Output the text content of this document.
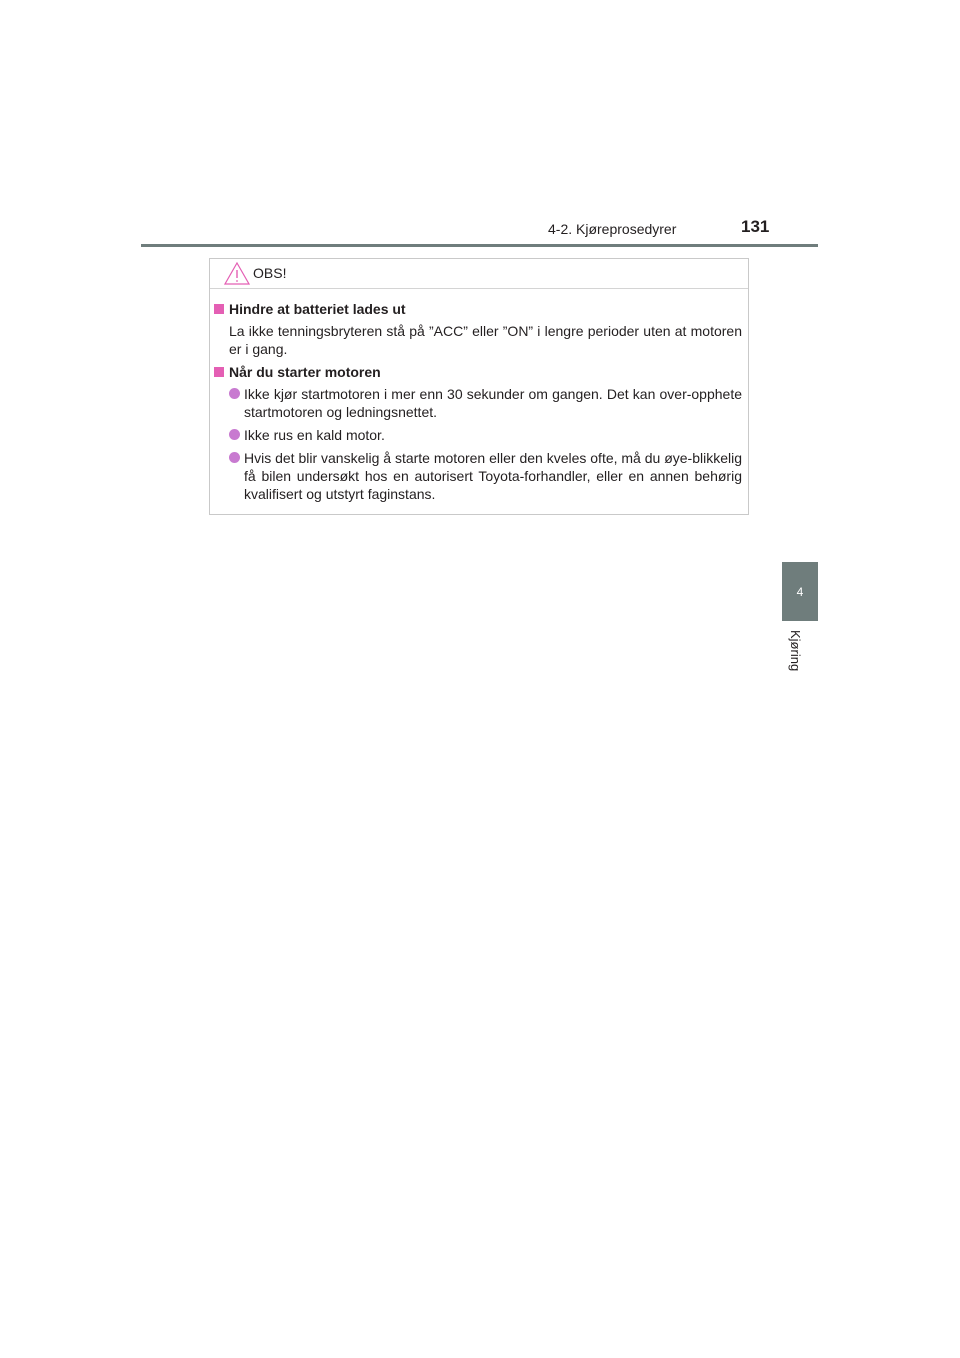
4-2. Kjøreprosedyrer	131
4
Kjøring
OBS!
Hindre at batteriet lades ut

La ikke tenningsbryteren stå på ”ACC” eller ”ON” i lengre perioder uten at motoren er i gang.

Når du starter motoren
Ikke kjør startmotoren i mer enn 30 sekunder om gangen. Det kan over-opphete startmotoren og ledningsnettet.
Ikke rus en kald motor.
Hvis det blir vanskelig å starte motoren eller den kveles ofte, må du øye-blikkelig få bilen undersøkt hos en autorisert Toyota-forhandler, eller en annen behørig kvalifisert og utstyrt faginstans.
